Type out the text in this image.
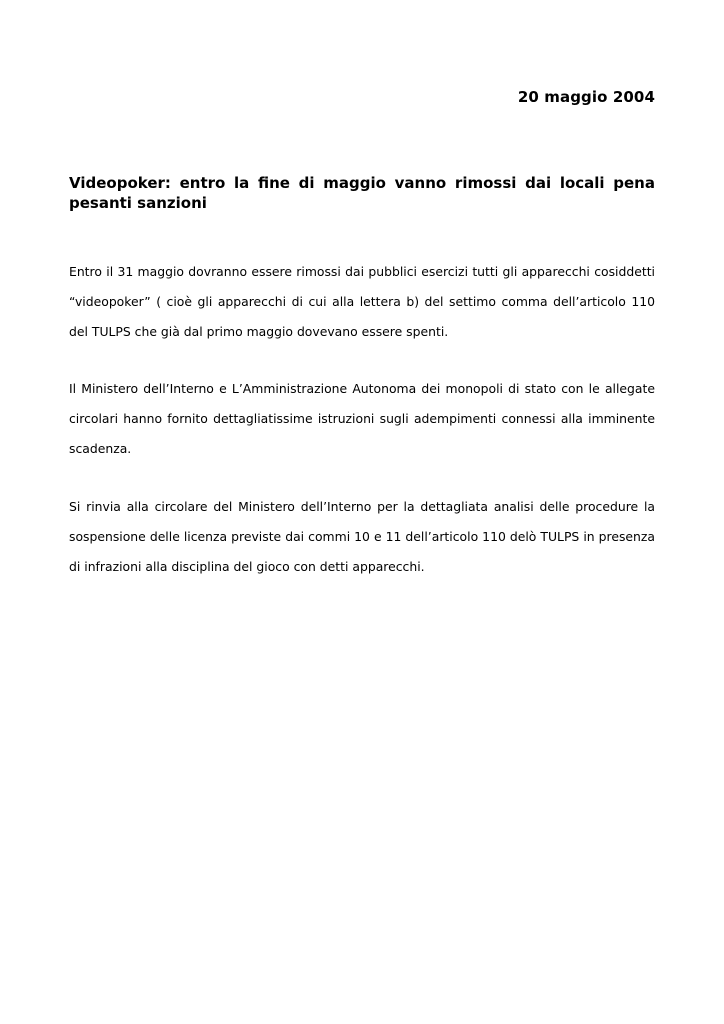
20 maggio 2004
Videopoker: entro la fine di maggio vanno rimossi dai locali pena pesanti sanzioni

Entro il 31 maggio dovranno essere rimossi dai pubblici esercizi tutti gli apparecchi cosiddetti “videopoker” ( cioè gli apparecchi di cui alla lettera b) del settimo comma dell’articolo 110 del TULPS che già dal primo maggio dovevano essere spenti.

Il Ministero dell’Interno e L’Amministrazione Autonoma dei monopoli di stato con le allegate circolari hanno fornito dettagliatissime istruzioni sugli adempimenti connessi alla imminente scadenza.

Si rinvia alla circolare del Ministero dell’Interno per la dettagliata analisi delle procedure la sospensione delle licenza previste dai commi 10 e 11 dell’articolo 110 delò TULPS in presenza di infrazioni alla disciplina del gioco con detti apparecchi.
